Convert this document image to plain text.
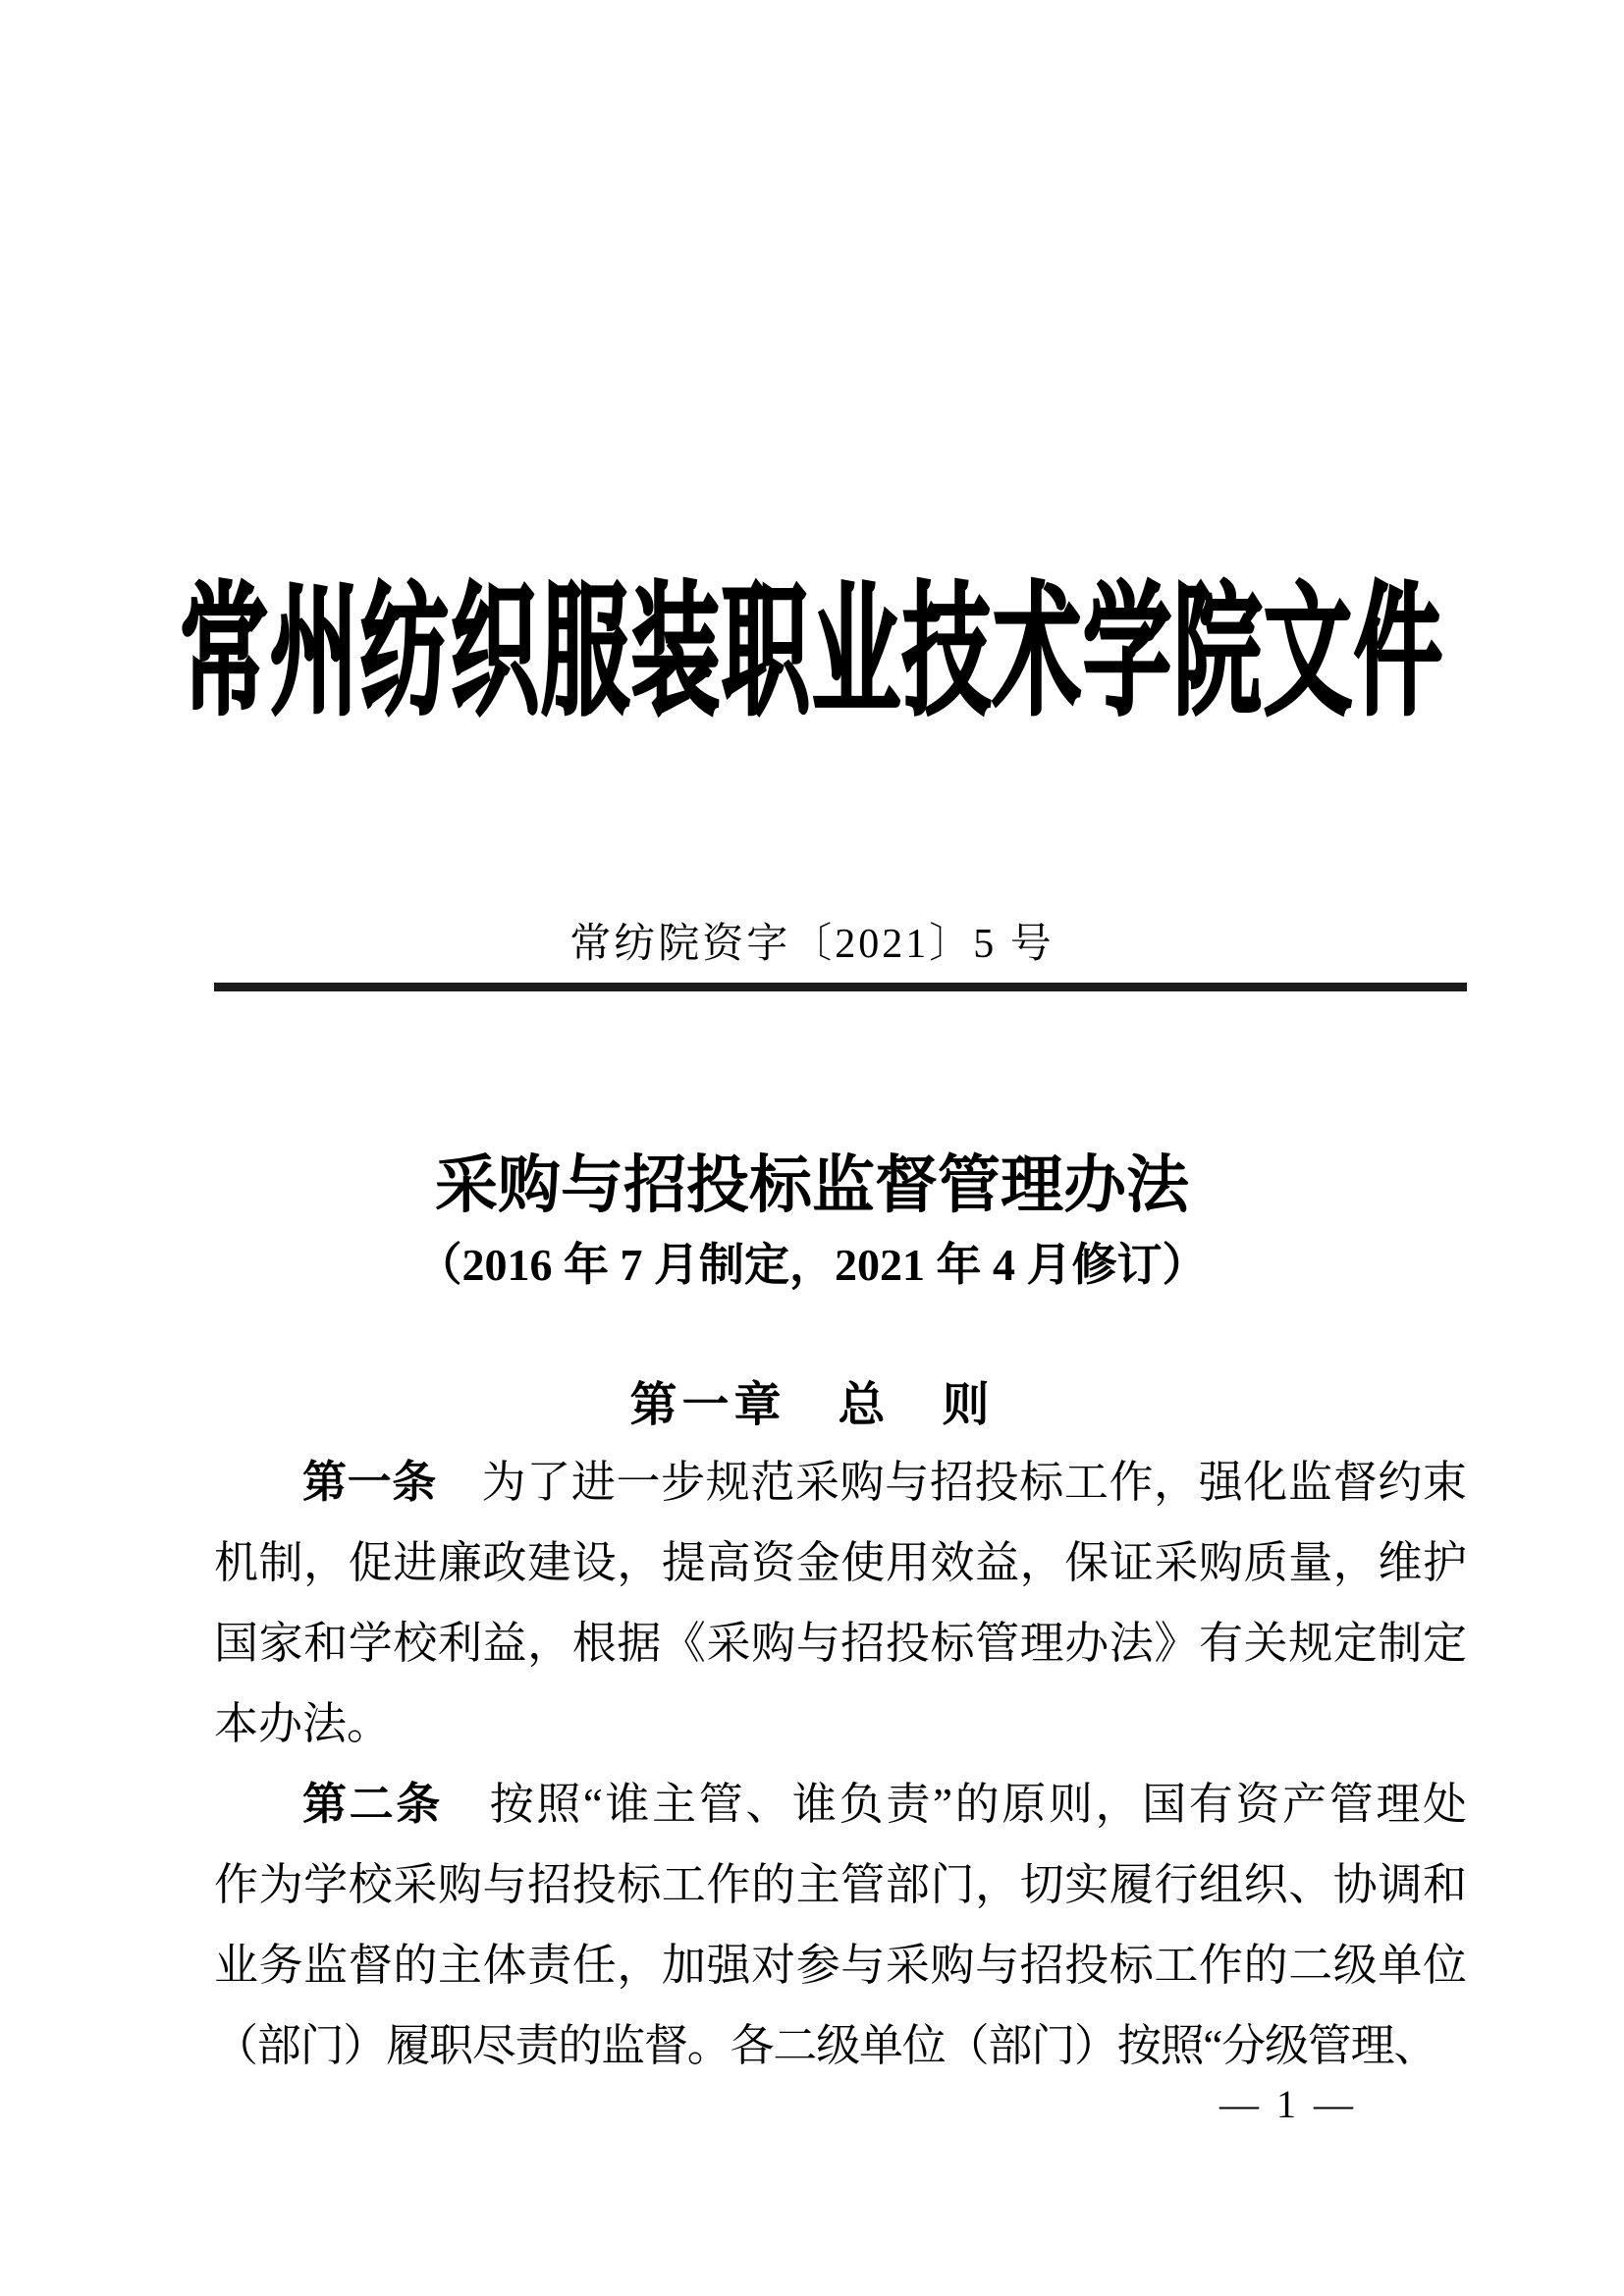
常州纺织服装职业技术学院文件
常纺院资字〔2021〕5 号
采购与招投标监督管理办法
（2016 年 7 月制定，2021 年 4 月修订）
第一章　总　则
第一条　为了进一步规范采购与招投标工作，强化监督约束
机制，促进廉政建设，提高资金使用效益，保证采购质量，维护
国家和学校利益，根据《采购与招投标管理办法》有关规定制定
本办法。
第二条　按照“谁主管、谁负责”的原则，国有资产管理处
作为学校采购与招投标工作的主管部门，切实履行组织、协调和
业务监督的主体责任，加强对参与采购与招投标工作的二级单位
（部门）履职尽责的监督。各二级单位（部门）按照“分级管理、
— 1 —
